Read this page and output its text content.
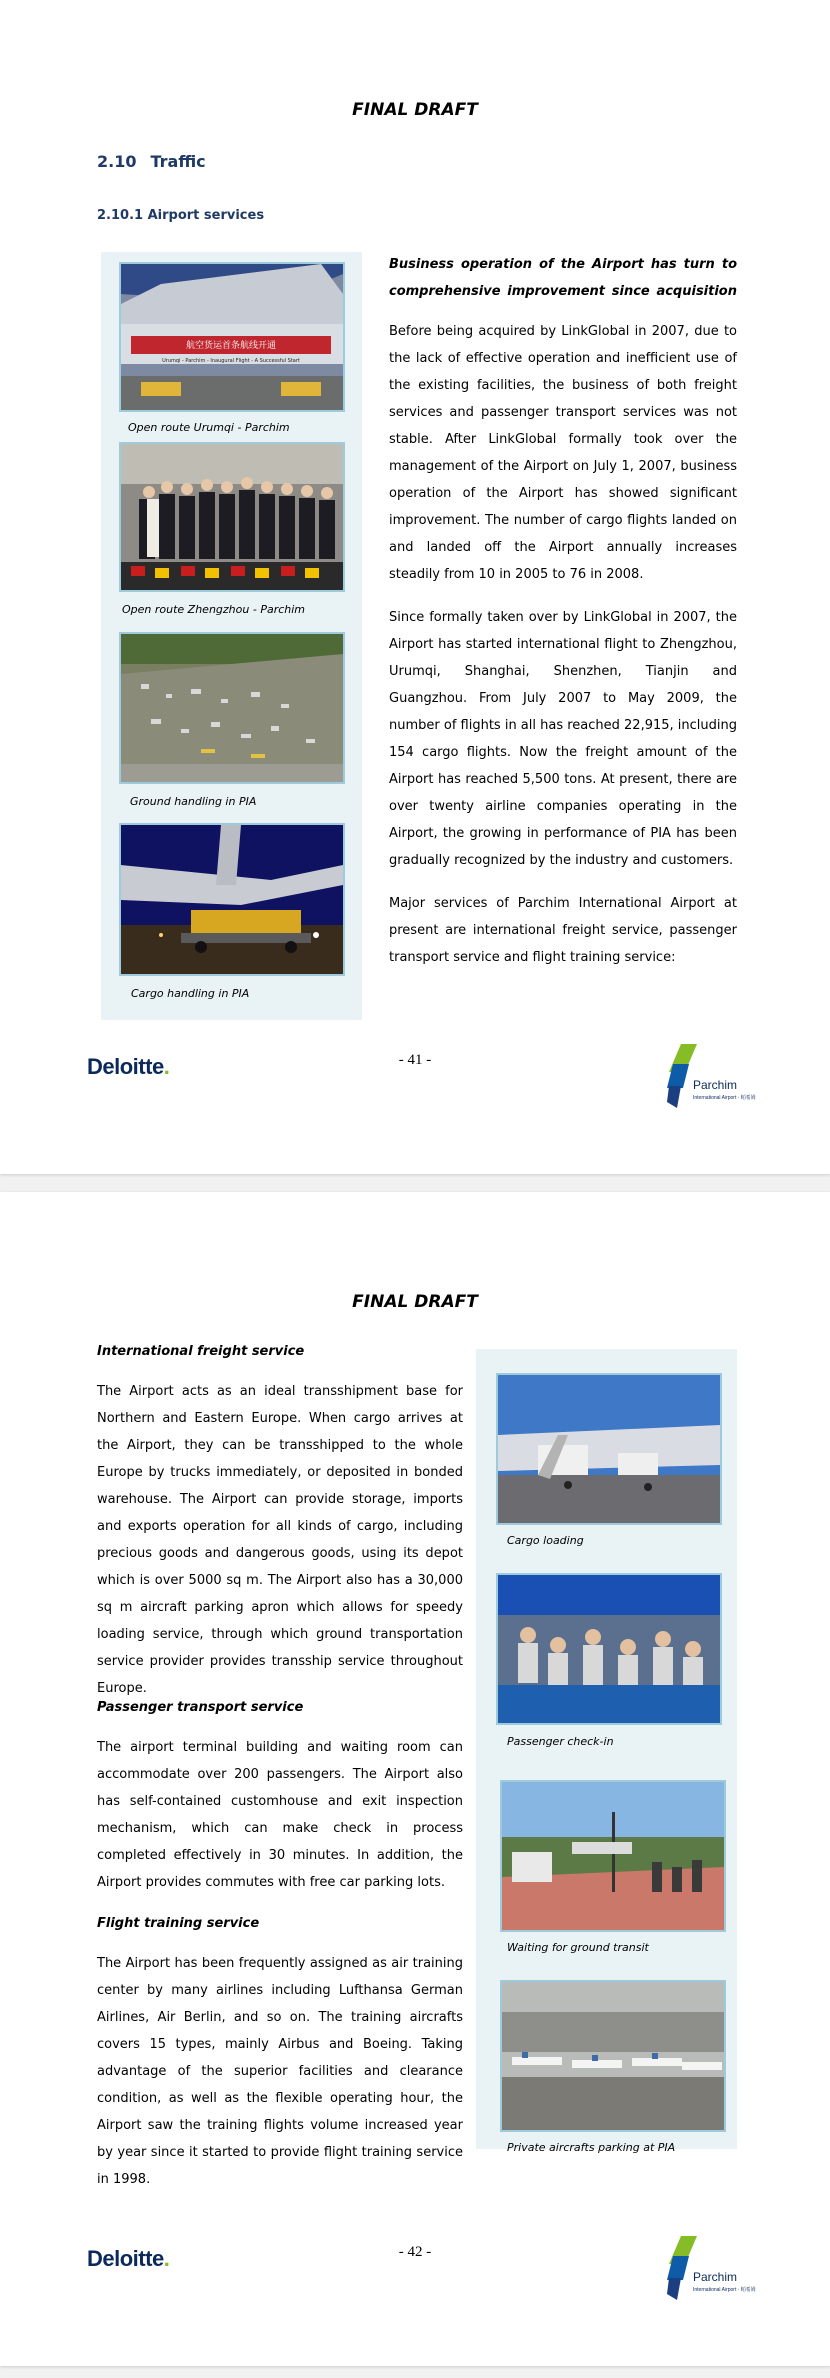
FINAL DRAFT
2.10 Traffic
2.10.1 Airport services
航空货运首条航线开通
Urumqi - Parchim - Inaugural Flight - A Successful Start
Open route Urumqi - Parchim
Open route Zhengzhou - Parchim
Ground handling in PIA
Cargo handling in PIA
Business operation of the Airport has turn to comprehensive improvement since acquisition
Before being acquired by LinkGlobal in 2007, due to the lack of effective operation and inefficient use of the existing facilities, the business of both freight services and passenger transport services was not stable. After LinkGlobal formally took over the management of the Airport on July 1, 2007, business operation of the Airport has showed significant improvement. The number of cargo flights landed on and landed off the Airport annually increases steadily from 10 in 2005 to 76 in 2008.
Since formally taken over by LinkGlobal in 2007, the Airport has started international flight to Zhengzhou, Urumqi, Shanghai, Shenzhen, Tianjin and Guangzhou. From July 2007 to May 2009, the number of flights in all has reached 22,915, including 154 cargo flights. Now the freight amount of the Airport has reached 5,500 tons. At present, there are over twenty airline companies operating in the Airport, the growing in performance of PIA has been gradually recognized by the industry and customers.
Major services of Parchim International Airport at present are international freight service, passenger transport service and flight training service:
Deloitte.	- 41 -
Parchim
International Airport · 帕希姆
FINAL DRAFT
International freight service
The Airport acts as an ideal transshipment base for Northern and Eastern Europe. When cargo arrives at the Airport, they can be transshipped to the whole Europe by trucks immediately, or deposited in bonded warehouse. The Airport can provide storage, imports and exports operation for all kinds of cargo, including precious goods and dangerous goods, using its depot which is over 5000 sq m. The Airport also has a 30,000 sq m aircraft parking apron which allows for speedy loading service, through which ground transportation service provider provides transship service throughout Europe.
Passenger transport service
The airport terminal building and waiting room can accommodate over 200 passengers. The Airport also has self-contained customhouse and exit inspection mechanism, which can make check in process completed effectively in 30 minutes. In addition, the Airport provides commutes with free car parking lots.
Flight training service
The Airport has been frequently assigned as air training center by many airlines including Lufthansa German Airlines, Air Berlin, and so on. The training aircrafts covers 15 types, mainly Airbus and Boeing. Taking advantage of the superior facilities and clearance condition, as well as the flexible operating hour, the Airport saw the training flights volume increased year by year since it started to provide flight training service in 1998.
Cargo loading
Passenger check-in
Waiting for ground transit
Private aircrafts parking at PIA
Deloitte.	- 42 -
Parchim
International Airport · 帕希姆
